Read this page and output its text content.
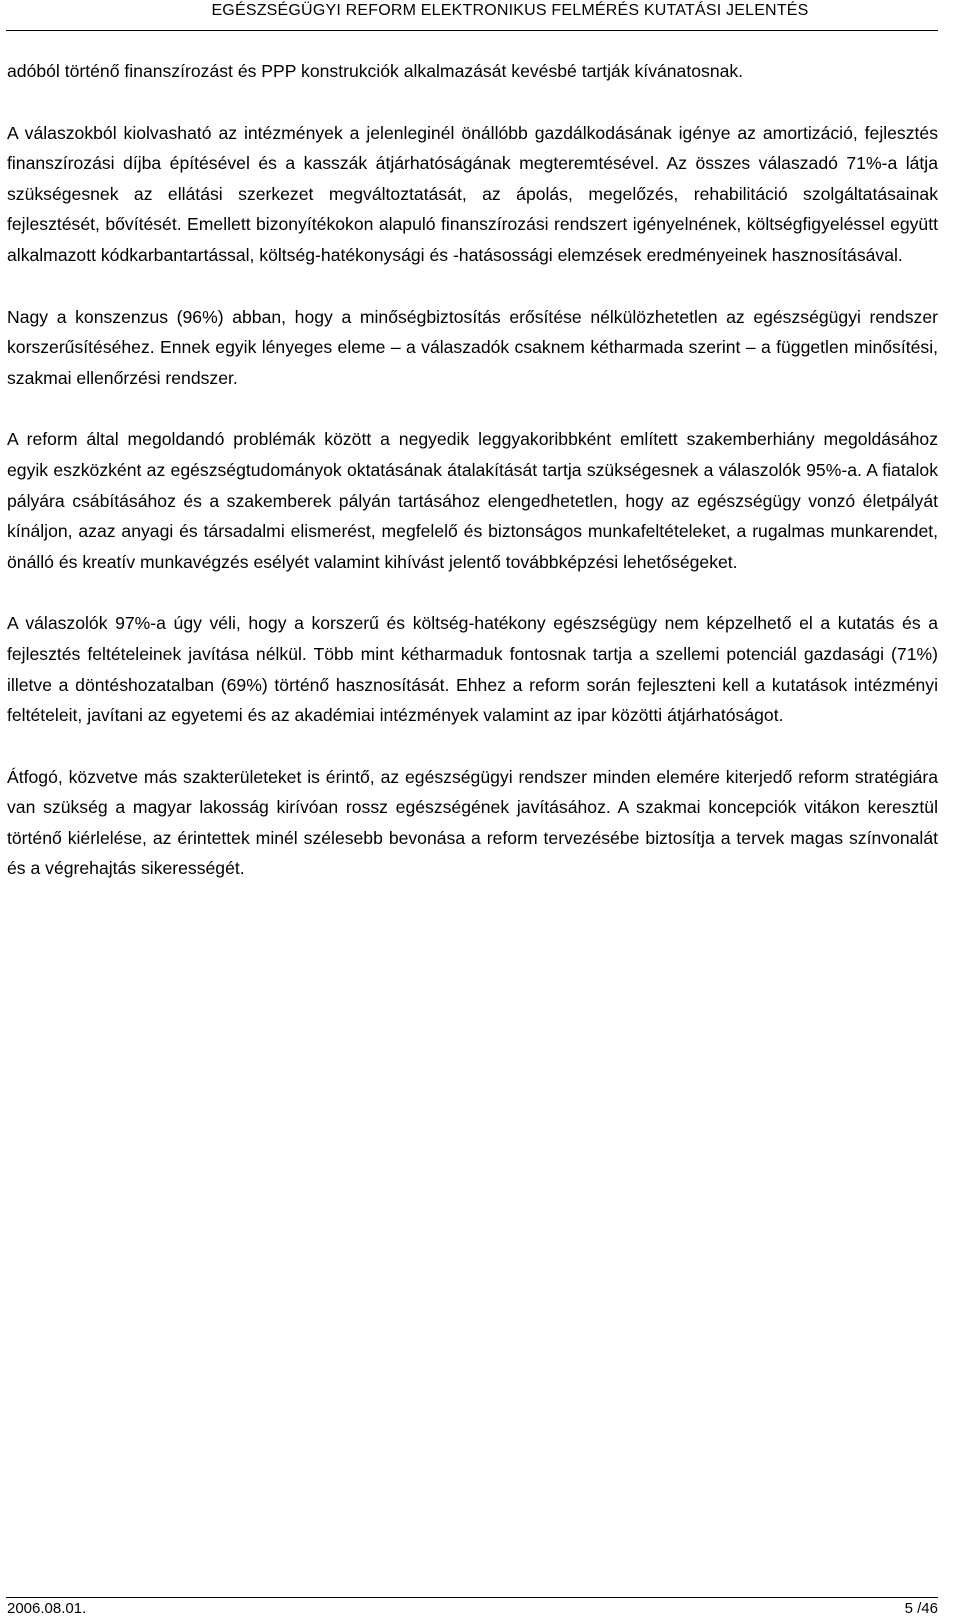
EGÉSZSÉGÜGYI REFORM ELEKTRONIKUS FELMÉRÉS KUTATÁSI JELENTÉS

adóból történő finanszírozást és PPP konstrukciók alkalmazását kevésbé tartják kívánatosnak.

A válaszokból kiolvasható az intézmények a jelenleginél önállóbb gazdálkodásának igénye az amortizáció, fejlesztés finanszírozási díjba építésével és a kasszák átjárhatóságának megteremtésével. Az összes válaszadó 71%-a látja szükségesnek az ellátási szerkezet megváltoztatását, az ápolás, megelőzés, rehabilitáció szolgáltatásainak fejlesztését, bővítését. Emellett bizonyítékokon alapuló finanszírozási rendszert igényelnének, költségfigyeléssel együtt alkalmazott kódkarbantartással, költség-hatékonysági és -hatásossági elemzések eredményeinek hasznosításával.

Nagy a konszenzus (96%) abban, hogy a minőségbiztosítás erősítése nélkülözhetetlen az egészségügyi rendszer korszerűsítéséhez. Ennek egyik lényeges eleme – a válaszadók csaknem kétharmada szerint – a független minősítési, szakmai ellenőrzési rendszer.

A reform által megoldandó problémák között a negyedik leggyakoribbként említett szakemberhiány megoldásához egyik eszközként az egészségtudományok oktatásának átalakítását tartja szükségesnek a válaszolók 95%-a. A fiatalok pályára csábításához és a szakemberek pályán tartásához elengedhetetlen, hogy az egészségügy vonzó életpályát kínáljon, azaz anyagi és társadalmi elismerést, megfelelő és biztonságos munkafeltételeket, a rugalmas munkarendet, önálló és kreatív munkavégzés esélyét valamint kihívást jelentő továbbképzési lehetőségeket.

A válaszolók 97%-a úgy véli, hogy a korszerű és költség-hatékony egészségügy nem képzelhető el a kutatás és a fejlesztés feltételeinek javítása nélkül. Több mint kétharmaduk fontosnak tartja a szellemi potenciál gazdasági (71%) illetve a döntéshozatalban (69%) történő hasznosítását. Ehhez a reform során fejleszteni kell a kutatások intézményi feltételeit, javítani az egyetemi és az akadémiai intézmények valamint az ipar közötti átjárhatóságot.

Átfogó, közvetve más szakterületeket is érintő, az egészségügyi rendszer minden elemére kiterjedő reform stratégiára van szükség a magyar lakosság kirívóan rossz egészségének javításához. A szakmai koncepciók vitákon keresztül történő kiérlelése, az érintettek minél szélesebb bevonása a reform tervezésébe biztosítja a tervek magas színvonalát és a végrehajtás sikerességét.

2006.08.01.	5 /46
